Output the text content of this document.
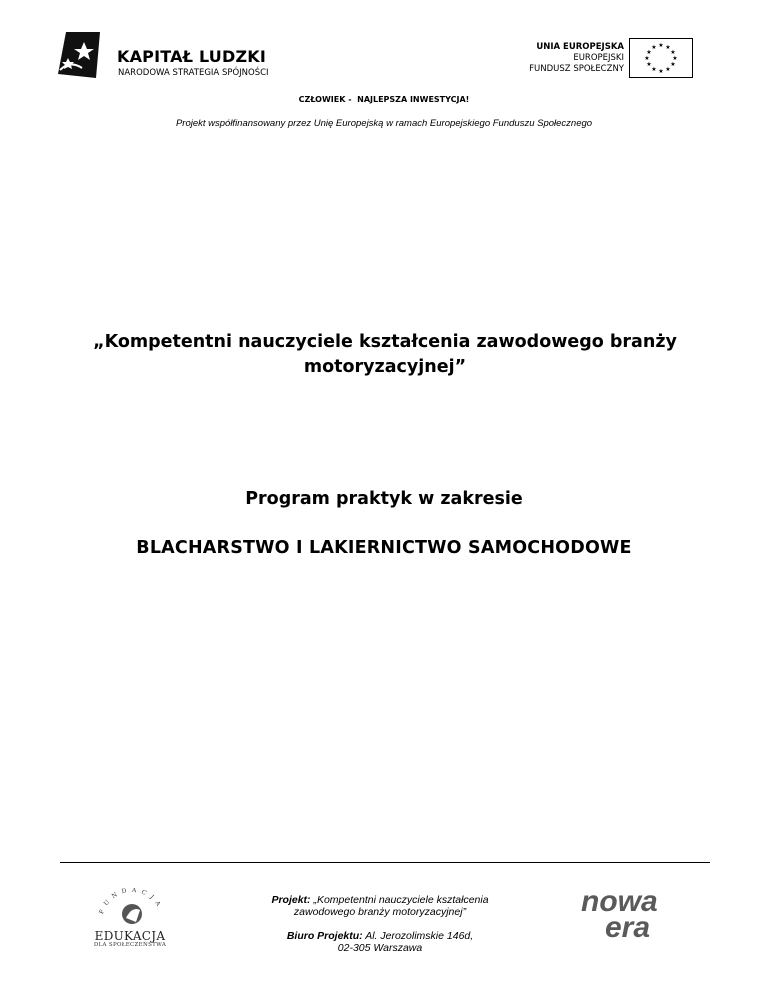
KAPITAŁ LUDZKI
NARODOWA STRATEGIA SPÓJNOŚCI
UNIA EUROPEJSKA
EUROPEJSKI
FUNDUSZ SPOŁECZNY
★ ★
★
★
★
★
★
★
★
★
★
★
CZŁOWIEK -  NAJLEPSZA INWESTYCJA!
Projekt współfinansowany przez Unię Europejską w ramach Europejskiego Funduszu Społecznego
„Kompetentni nauczyciele kształcenia zawodowego branży motoryzacyjnej”
Program praktyk w zakresie
BLACHARSTWO I LAKIERNICTWO SAMOCHODOWE
FUNDACJA
EDUKACJA
DLA SPOŁECZEŃSTWA
Projekt: „Kompetentni nauczyciele kształcenia
zawodowego branży motoryzacyjnej”
Biuro Projektu: Al. Jerozolimskie 146d,
02-305 Warszawa
nowa
era
